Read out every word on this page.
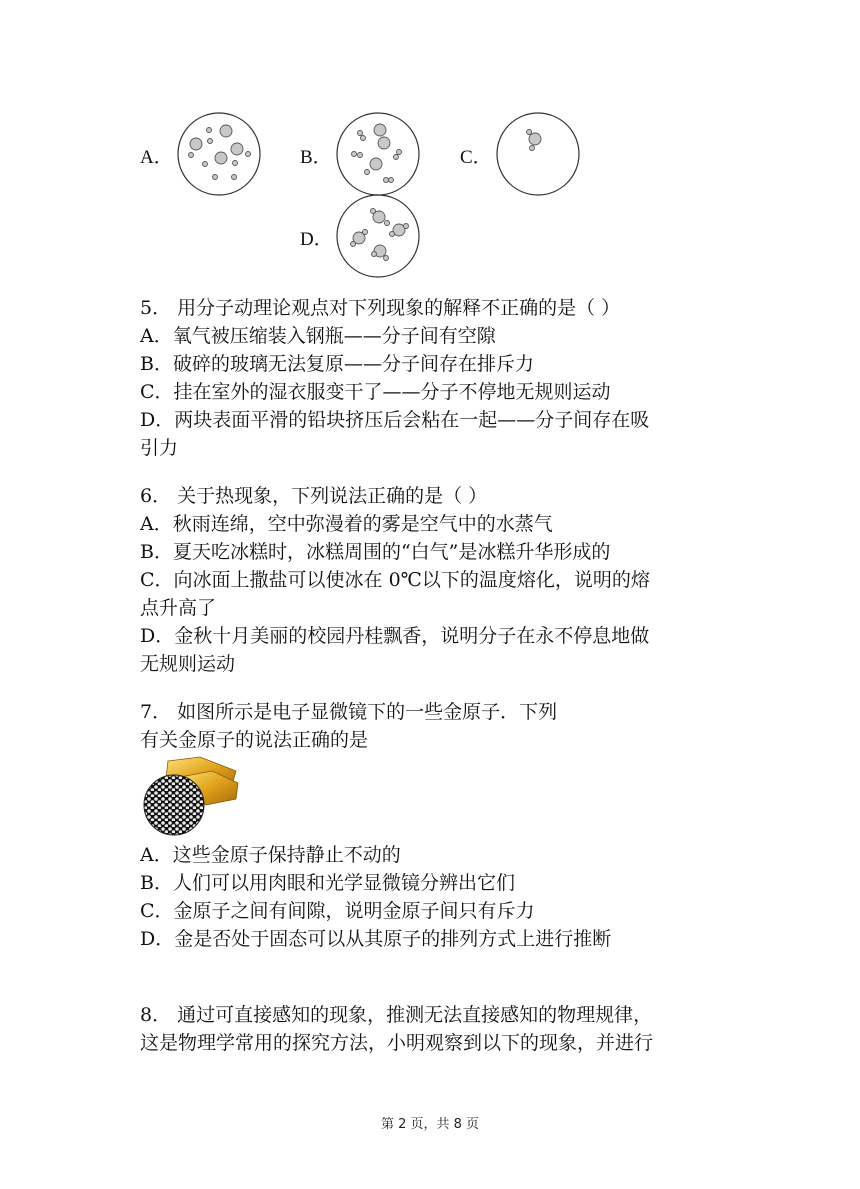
A．	B．	C．
D．
5． 用分子动理论观点对下列现象的解释不正确的是（ ）
A．氧气被压缩装入钢瓶——分子间有空隙
B．破碎的玻璃无法复原——分子间存在排斥力
C．挂在室外的湿衣服变干了——分子不停地无规则运动
D．两块表面平滑的铅块挤压后会粘在一起——分子间存在吸
引力
6． 关于热现象，下列说法正确的是（ ）
A．秋雨连绵，空中弥漫着的雾是空气中的水蒸气
B．夏天吃冰糕时，冰糕周围的“白气”是冰糕升华形成的
C．向冰面上撒盐可以使冰在 0℃以下的温度熔化，说明的熔
点升高了
D．金秋十月美丽的校园丹桂飘香，说明分子在永不停息地做
无规则运动
7． 如图所示是电子显微镜下的一些金原子．下列
有关金原子的说法正确的是
A．这些金原子保持静止不动的
B．人们可以用肉眼和光学显微镜分辨出它们
C．金原子之间有间隙，说明金原子间只有斥力
D．金是否处于固态可以从其原子的排列方式上进行推断
8． 通过可直接感知的现象，推测无法直接感知的物理规律，
这是物理学常用的探究方法，小明观察到以下的现象，并进行
第 2 页，共 8 页
